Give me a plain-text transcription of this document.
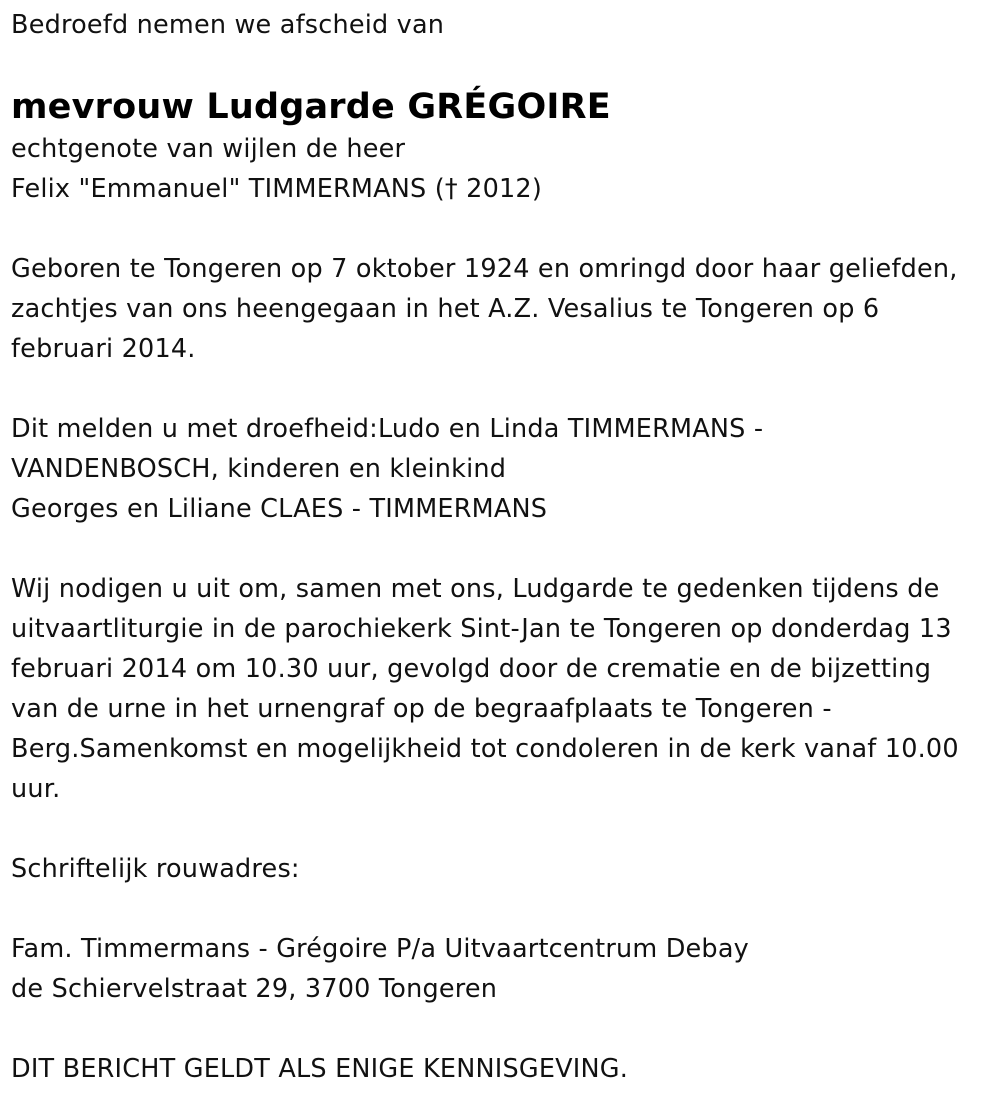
Bedroefd nemen we afscheid van
mevrouw Ludgarde GRÉGOIRE
echtgenote van wijlen de heer
Felix "Emmanuel" TIMMERMANS († 2012)
Geboren te Tongeren op 7 oktober 1924 en omringd door haar geliefden,
zachtjes van ons heengegaan in het A.Z. Vesalius te Tongeren op 6
februari 2014.
Dit melden u met droefheid:Ludo en Linda TIMMERMANS -
VANDENBOSCH, kinderen en kleinkind
Georges en Liliane CLAES - TIMMERMANS
Wij nodigen u uit om, samen met ons, Ludgarde te gedenken tijdens de
uitvaartliturgie in de parochiekerk Sint-Jan te Tongeren op donderdag 13
februari 2014 om 10.30 uur, gevolgd door de crematie en de bijzetting
van de urne in het urnengraf op de begraafplaats te Tongeren -
Berg.Samenkomst en mogelijkheid tot condoleren in de kerk vanaf 10.00
uur.
Schriftelijk rouwadres:
Fam. Timmermans - Grégoire P/a Uitvaartcentrum Debay
de Schiervelstraat 29, 3700 Tongeren
DIT BERICHT GELDT ALS ENIGE KENNISGEVING.
